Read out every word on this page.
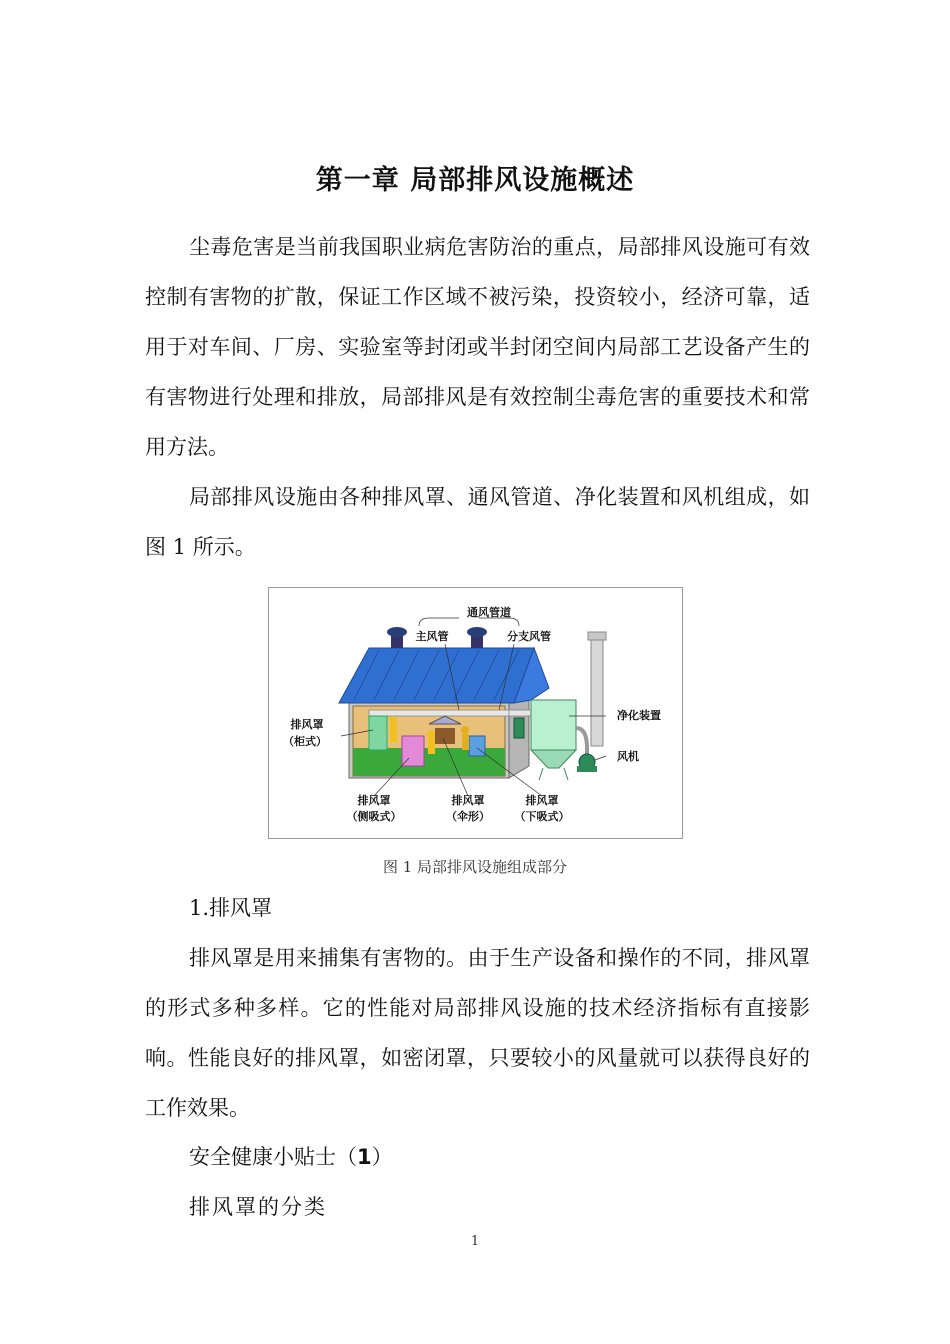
第一章 局部排风设施概述

尘毒危害是当前我国职业病危害防治的重点，局部排风设施可有效控制有害物的扩散，保证工作区域不被污染，投资较小，经济可靠，适用于对车间、厂房、实验室等封闭或半封闭空间内局部工艺设备产生的有害物进行处理和排放，局部排风是有效控制尘毒危害的重要技术和常用方法。

局部排风设施由各种排风罩、通风管道、净化装置和风机组成，如图 1 所示。

通风管道
主风管	分支风管
排风罩
（柜式）
净化装置
风机
排风罩
（侧吸式）
排风罩
（伞形）
排风罩
（下吸式）
图 1 局部排风设施组成部分
1.排风罩

排风罩是用来捕集有害物的。由于生产设备和操作的不同，排风罩的形式多种多样。它的性能对局部排风设施的技术经济指标有直接影响。性能良好的排风罩，如密闭罩，只要较小的风量就可以获得良好的工作效果。

安全健康小贴士（1）
排风罩的分类
1
